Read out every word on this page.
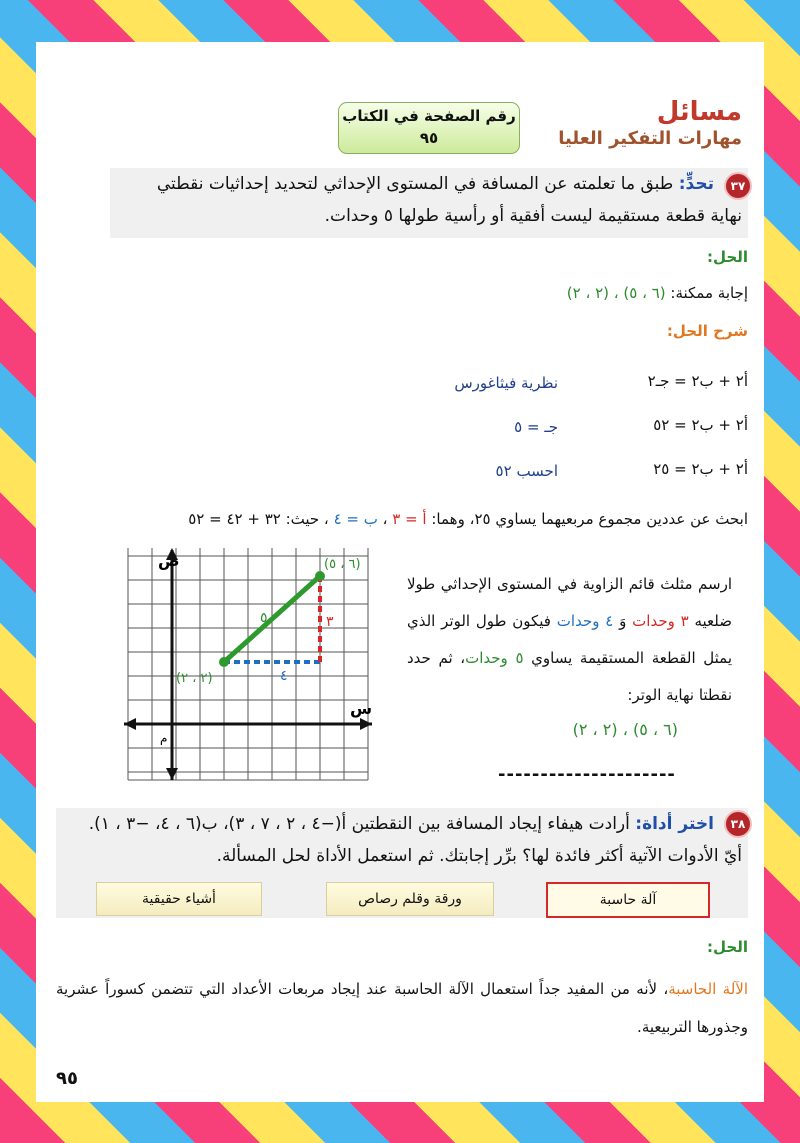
مسائل
مهارات التفكير العليا
رقم الصفحة في الكتاب
٩٥
تحدٍّ: طبق ما تعلمته عن المسافة في المستوى الإحداثي لتحديد إحداثيات نقطتي
نهاية قطعة مستقيمة ليست أفقية أو رأسية طولها ٥ وحدات.
٣٧
الحل:
إجابة ممكنة: (٦ ، ٥) ، (٢ ، ٢)
شرح الحل:
أ٢ + ب٢ = جـ٢
نظرية فيثاغورس
أ٢ + ب٢ = ٥٢
جـ = ٥
أ٢ + ب٢ = ٢٥
احسب ٥٢
ابحث عن عددين مجموع مربعيهما يساوي ٢٥، وهما: أ = ٣ ، ب = ٤ ، حيث: ٣٢ + ٤٢ = ٥٢
ص
س
م
(٦ ، ٥)
(٢ ، ٢)
٥	٣
٤
ارسم مثلث قائم الزاوية في المستوى الإحداثي طولا ضلعيه ٣ وحدات وَ ٤ وحدات فيكون طول الوتر الذي يمثل القطعة المستقيمة يساوي ٥ وحدات، ثم حدد نقطتا نهاية الوتر:
(٦ ، ٥) ، (٢ ، ٢)
---------------------
اختر أداة: أرادت هيفاء إيجاد المسافة بين النقطتين أ(−٤ ، ٢ ، ٧ ، ٣)، ب(٦ ، ٤، −٣ ، ١).
أيّ الأدوات الآتية أكثر فائدة لها؟ برِّر إجابتك. ثم استعمل الأداة لحل المسألة.
٣٨
آلة حاسبة
ورقة وقلم رصاص
أشياء حقيقية
الحل:
الآلة الحاسبة، لأنه من المفيد جداً استعمال الآلة الحاسبة عند إيجاد مربعات الأعداد التي تتضمن كسوراً عشرية وجذورها التربيعية.
٩٥
